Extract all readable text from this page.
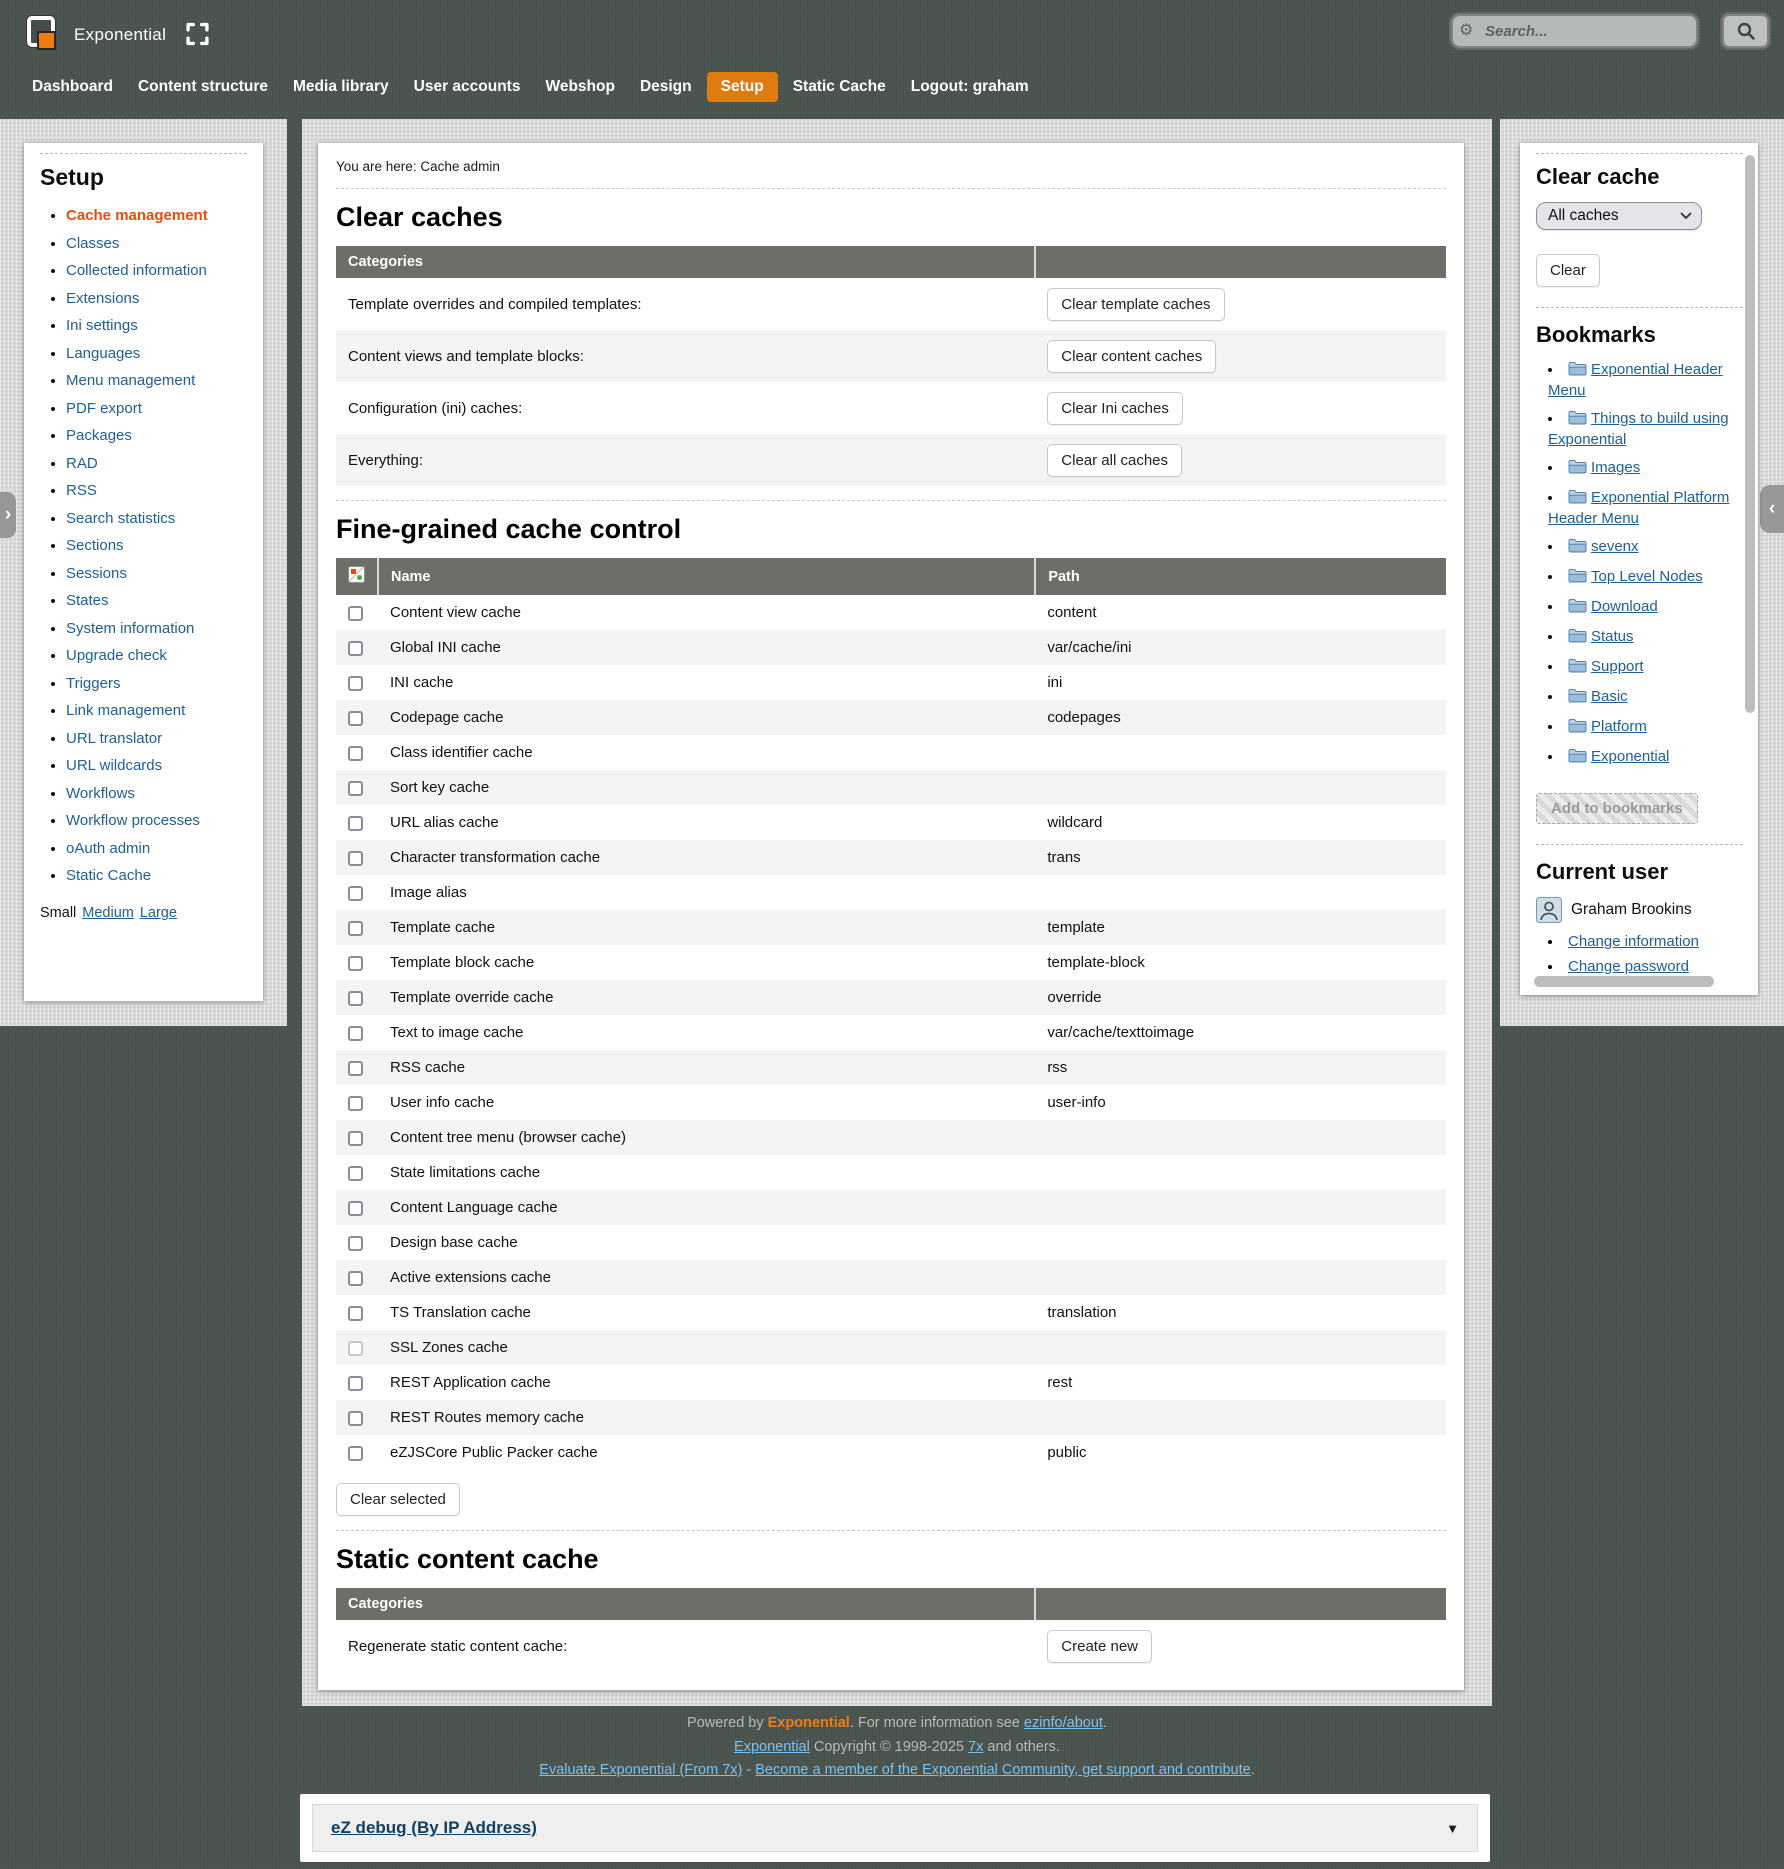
Exponential
Dashboard	Content structure	Media library	User accounts	Webshop	Design	Setup	Static Cache	Logout: graham
⚙
Search...
›	‹
Setup
• Cache management
• Classes
• Collected information
• Extensions
• Ini settings
• Languages
• Menu management
• PDF export
• Packages
• RAD
• RSS
• Search statistics
• Sections
• Sessions
• States
• System information
• Upgrade check
• Triggers
• Link management
• URL translator
• URL wildcards
• Workflows
• Workflow processes
• oAuth admin
• Static Cache
Small Medium Large
You are here: Cache admin
Clear caches
Categories	
Template overrides and compiled templates:	Clear template caches
Content views and template blocks:	Clear content caches
Configuration (ini) caches:	Clear Ini caches
Everything:	Clear all caches
Fine-grained cache control
	Name	Path
	Content view cache	content
	Global INI cache	var/cache/ini
	INI cache	ini
	Codepage cache	codepages
	Class identifier cache	
	Sort key cache	
	URL alias cache	wildcard
	Character transformation cache	trans
	Image alias	
	Template cache	template
	Template block cache	template-block
	Template override cache	override
	Text to image cache	var/cache/texttoimage
	RSS cache	rss
	User info cache	user-info
	Content tree menu (browser cache)	
	State limitations cache	
	Content Language cache	
	Design base cache	
	Active extensions cache	
	TS Translation cache	translation
	SSL Zones cache	
	REST Application cache	rest
	REST Routes memory cache	
	eZJSCore Public Packer cache	public
Clear selected
Static content cache
Categories	
Regenerate static content cache:	Create new
Clear cache
All caches
Clear
Bookmarks
• Exponential Header Menu
• Things to build using Exponential
• Images
• Exponential Platform Header Menu
• sevenx
• Top Level Nodes
• Download
• Status
• Support
• Basic
• Platform
• Exponential
Add to bookmarks
Current user
Graham Brookins
• Change information
• Change password
Powered by Exponential. For more information see ezinfo/about.
Exponential Copyright © 1998-2025 7x and others.
Evaluate Exponential (From 7x) - Become a member of the Exponential Community, get support and contribute.
eZ debug (By IP Address)	▼
